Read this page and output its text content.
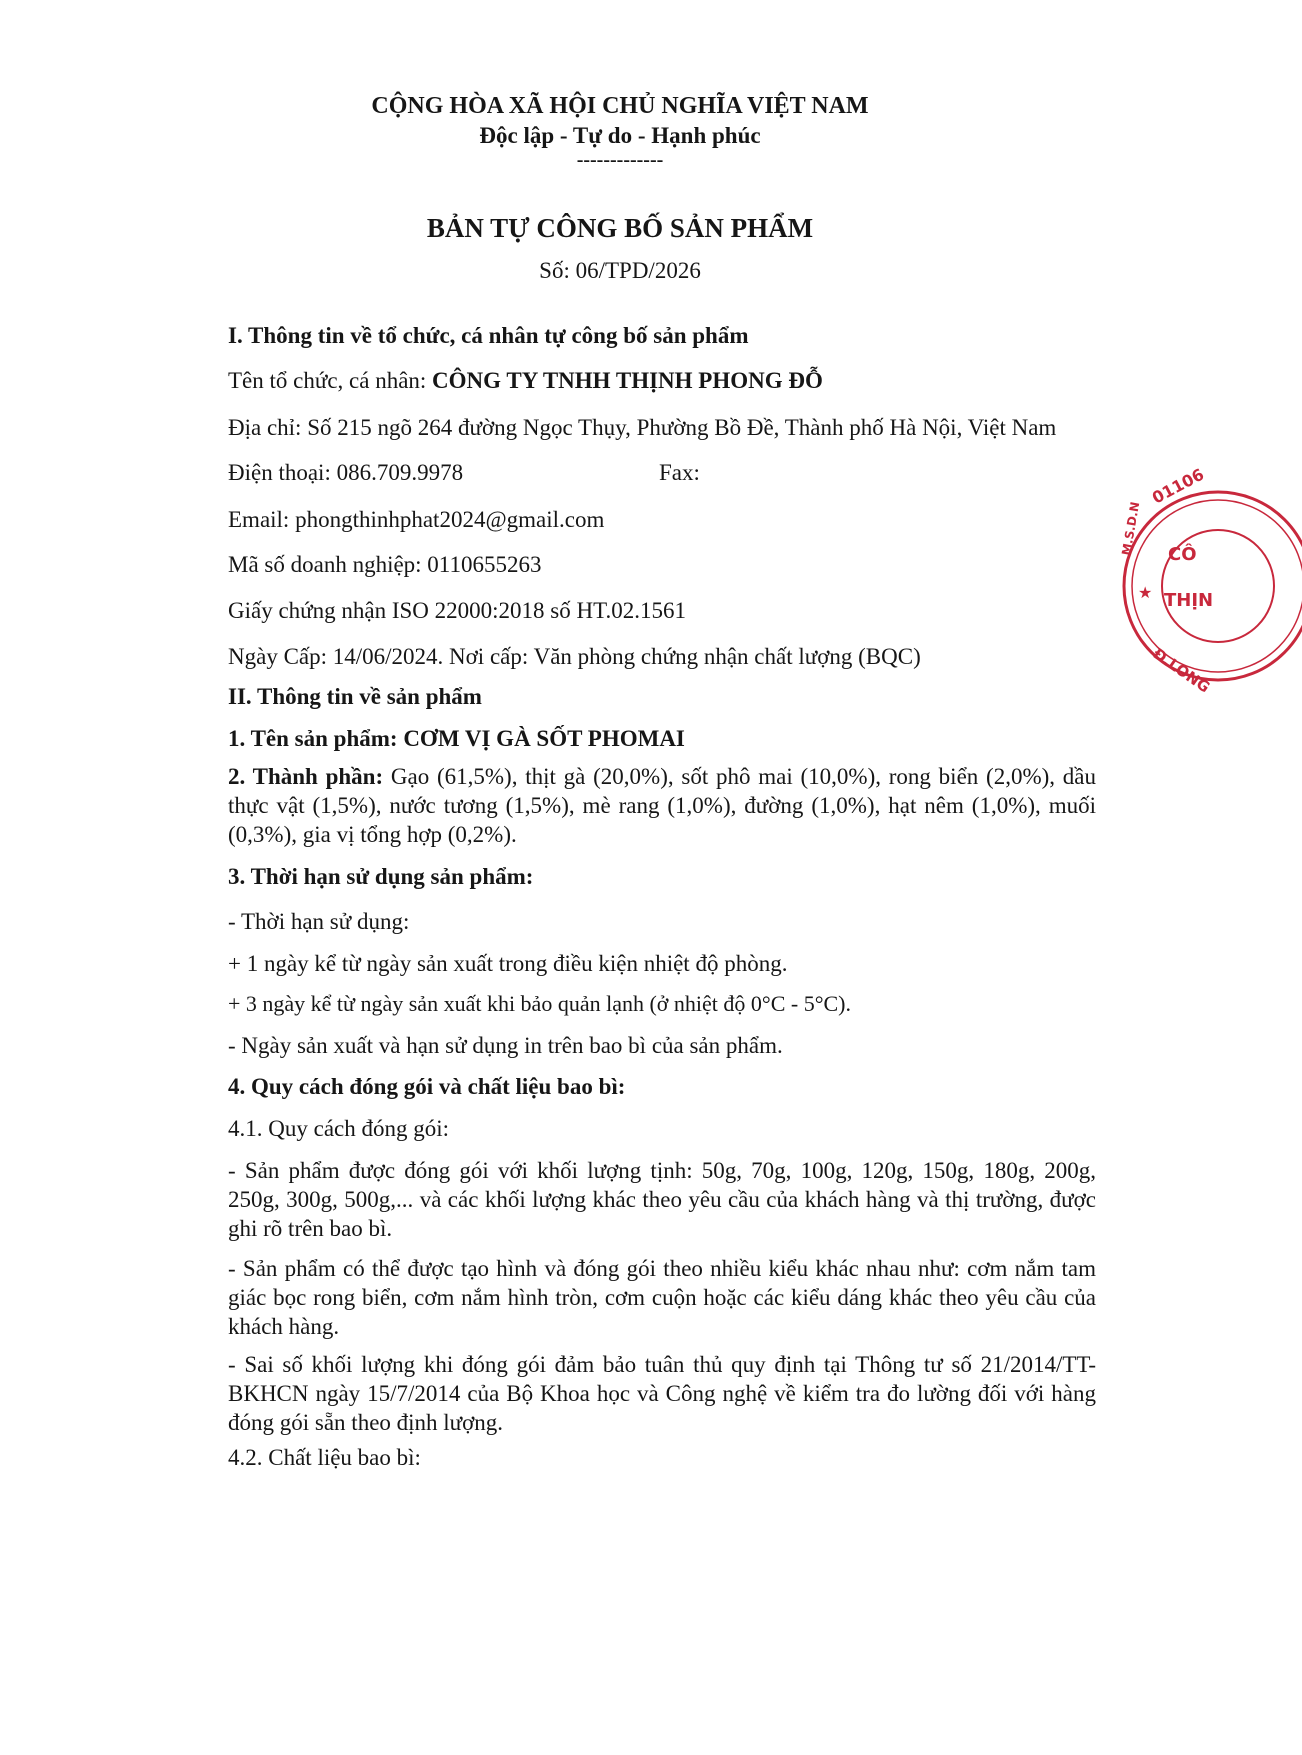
CỘNG HÒA XÃ HỘI CHỦ NGHĨA VIỆT NAM
Độc lập - Tự do - Hạnh phúc
-------------
BẢN TỰ CÔNG BỐ SẢN PHẨM
Số: 06/TPD/2026
I. Thông tin về tổ chức, cá nhân tự công bố sản phẩm
Tên tổ chức, cá nhân: CÔNG TY TNHH THỊNH PHONG ĐỖ
Địa chỉ: Số 215 ngõ 264 đường Ngọc Thụy, Phường Bồ Đề, Thành phố Hà Nội, Việt Nam
Điện thoại: 086.709.9978	Fax:
Email: phongthinhphat2024@gmail.com
Mã số doanh nghiệp: 0110655263
Giấy chứng nhận ISO 22000:2018 số HT.02.1561
Ngày Cấp: 14/06/2024. Nơi cấp: Văn phòng chứng nhận chất lượng (BQC)
II. Thông tin về sản phẩm
1. Tên sản phẩm: CƠM VỊ GÀ SỐT PHOMAI
2. Thành phần: Gạo (61,5%), thịt gà (20,0%), sốt phô mai (10,0%), rong biển (2,0%), dầu thực vật (1,5%), nước tương (1,5%), mè rang (1,0%), đường (1,0%), hạt nêm (1,0%), muối (0,3%), gia vị tổng hợp (0,2%).
3. Thời hạn sử dụng sản phẩm:
- Thời hạn sử dụng:
+ 1 ngày kể từ ngày sản xuất trong điều kiện nhiệt độ phòng.
+ 3 ngày kể từ ngày sản xuất khi bảo quản lạnh (ở nhiệt độ 0°C - 5°C).
- Ngày sản xuất và hạn sử dụng in trên bao bì của sản phẩm.
4. Quy cách đóng gói và chất liệu bao bì:
4.1. Quy cách đóng gói:
- Sản phẩm được đóng gói với khối lượng tịnh: 50g, 70g, 100g, 120g, 150g, 180g, 200g, 250g, 300g, 500g,... và các khối lượng khác theo yêu cầu của khách hàng và thị trường, được ghi rõ trên bao bì.
- Sản phẩm có thể được tạo hình và đóng gói theo nhiều kiểu khác nhau như: cơm nắm tam giác bọc rong biển, cơm nắm hình tròn, cơm cuộn hoặc các kiểu dáng khác theo yêu cầu của khách hàng.
- Sai số khối lượng khi đóng gói đảm bảo tuân thủ quy định tại Thông tư số 21/2014/TT-BKHCN ngày 15/7/2014 của Bộ Khoa học và Công nghệ về kiểm tra đo lường đối với hàng đóng gói sẵn theo định lượng.
4.2. Chất liệu bao bì:
01106
M.S.D.N CÔ
THỊN
★
Đ.LONG
